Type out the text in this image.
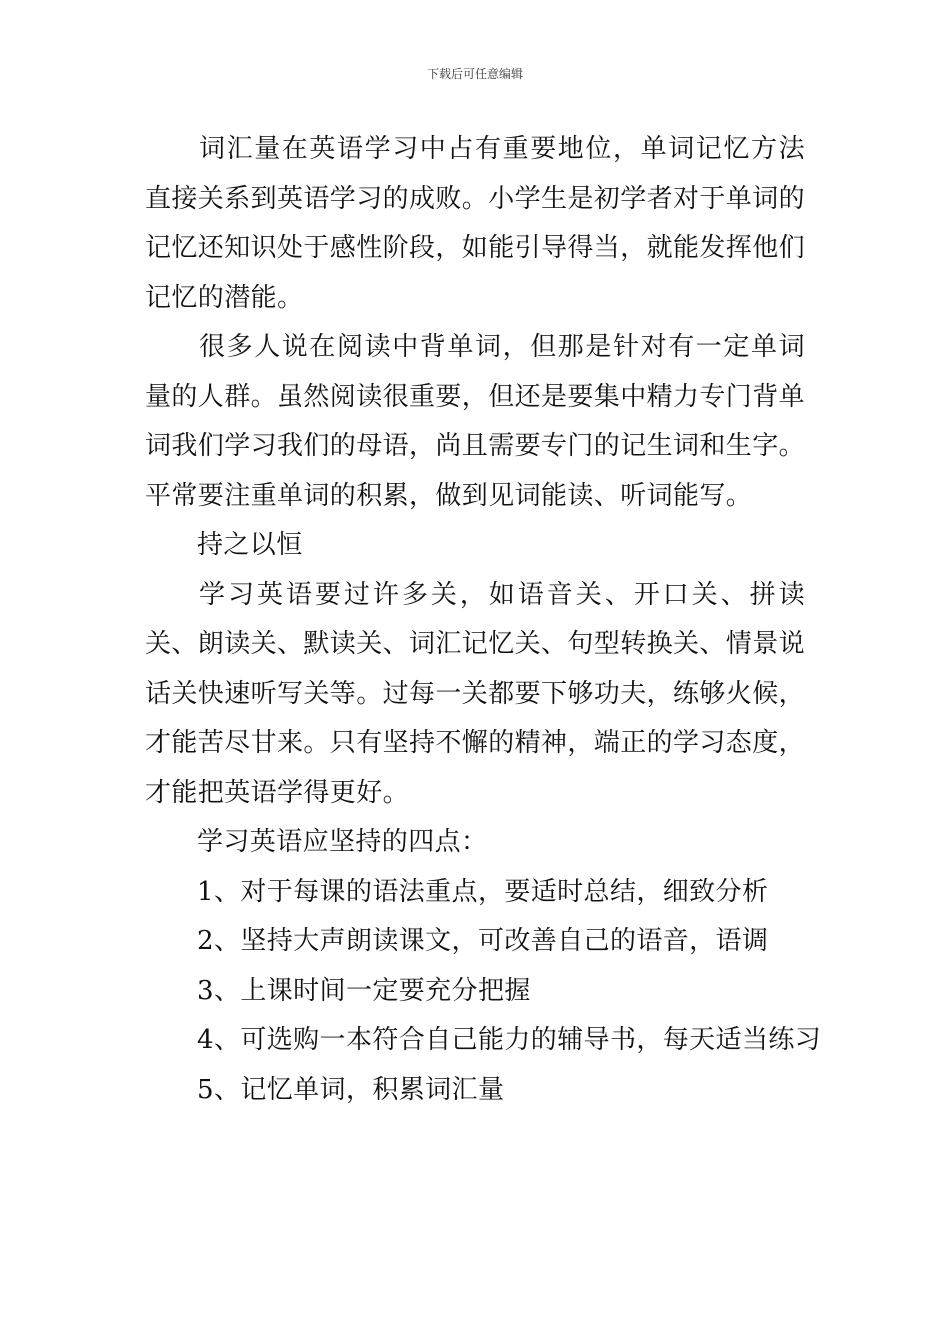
下载后可任意编辑

词汇量在英语学习中占有重要地位，单词记忆方法直接关系到英语学习的成败。小学生是初学者对于单词的记忆还知识处于感性阶段，如能引导得当，就能发挥他们记忆的潜能。

很多人说在阅读中背单词，但那是针对有一定单词量的人群。虽然阅读很重要，但还是要集中精力专门背单词我们学习我们的母语，尚且需要专门的记生词和生字。平常要注重单词的积累，做到见词能读、听词能写。

持之以恒

学习英语要过许多关，如语音关、开口关、拼读关、朗读关、默读关、词汇记忆关、句型转换关、情景说话关快速听写关等。过每一关都要下够功夫，练够火候，才能苦尽甘来。只有坚持不懈的精神，端正的学习态度，才能把英语学得更好。

学习英语应坚持的四点：

1、对于每课的语法重点，要适时总结，细致分析

2、坚持大声朗读课文，可改善自己的语音，语调

3、上课时间一定要充分把握

4、可选购一本符合自己能力的辅导书，每天适当练习

5、记忆单词，积累词汇量
